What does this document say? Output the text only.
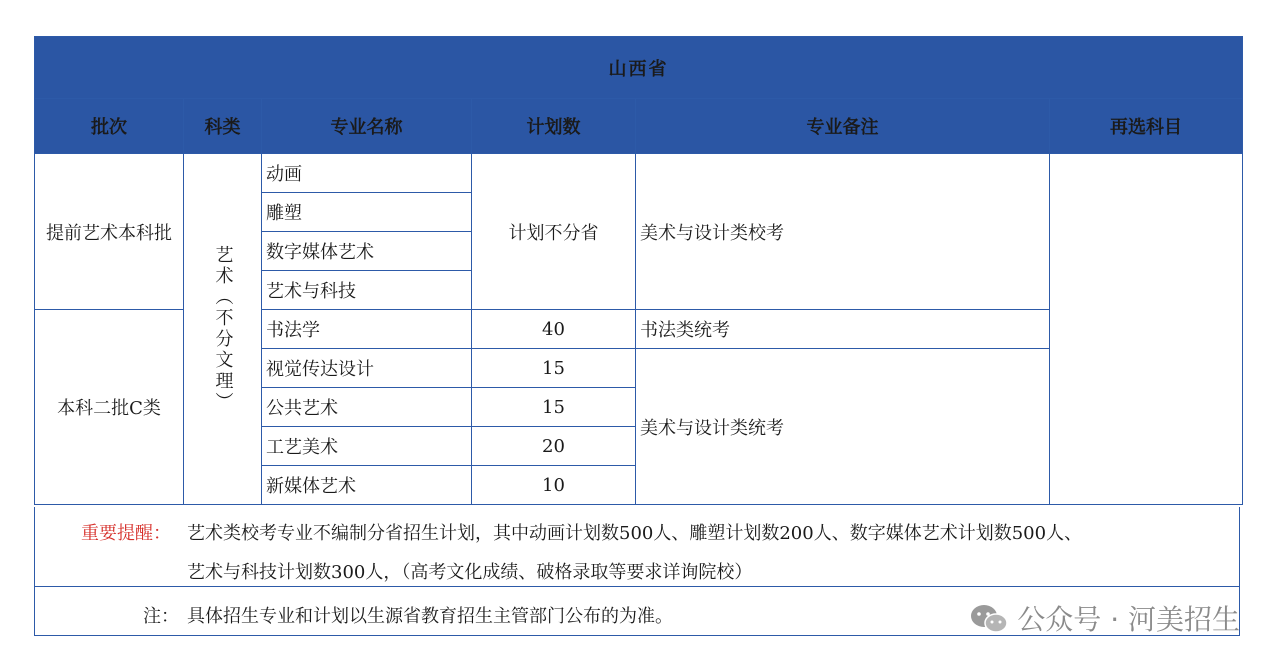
山西省					
批次	科类	专业名称	计划数	专业备注	再选科目
提前艺术本科批	艺术（不分文理）	动画	计划不分省	美术与设计类校考	
		雕塑			
		数字媒体艺术			
		艺术与科技			
本科二批C类		书法学	40	书法类统考	
		视觉传达设计	15	美术与设计类统考	
		公共艺术	15		
		工艺美术	20		
		新媒体艺术	10		
重要提醒： 艺术类校考专业不编制分省招生计划，其中动画计划数500人、雕塑计划数200人、数字媒体艺术计划数500人、
艺术与科技计划数300人，（高考文化成绩、破格录取等要求详询院校）
注： 具体招生专业和计划以生源省教育招生主管部门公布的为准。	公众号 · 河美招生
